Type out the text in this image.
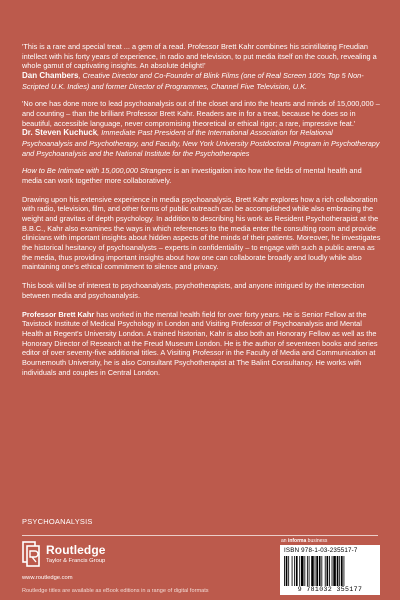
'This is a rare and special treat ... a gem of a read. Professor Brett Kahr combines his scintillating Freudian intellect with his forty years of experience, in radio and television, to put media itself on the couch, revealing a whole gamut of captivating insights. An absolute delight!'
Dan Chambers, Creative Director and Co-Founder of Blink Films (one of Real Screen 100's Top 5 Non-Scripted U.K. Indies) and former Director of Programmes, Channel Five Television, U.K.
'No one has done more to lead psychoanalysis out of the closet and into the hearts and minds of 15,000,000 – and counting – than the brilliant Professor Brett Kahr. Readers are in for a treat, because he does so in beautiful, accessible language, never compromising theoretical or ethical rigor; a rare, impressive feat.'
Dr. Steven Kuchuck, Immediate Past President of the International Association for Relational Psychoanalysis and Psychotherapy, and Faculty, New York University Postdoctoral Program in Psychotherapy and Psychoanalysis and the National Institute for the Psychotherapies

How to Be Intimate with 15,000,000 Strangers is an investigation into how the fields of mental health and media can work together more collaboratively.

Drawing upon his extensive experience in media psychoanalysis, Brett Kahr explores how a rich collaboration with radio, television, film, and other forms of public outreach can be accomplished while also embracing the weight and gravitas of depth psychology. In addition to describing his work as Resident Psychotherapist at the B.B.C., Kahr also examines the ways in which references to the media enter the consulting room and provide clinicians with important insights about hidden aspects of the minds of their patients. Moreover, he investigates the historical hesitancy of psychoanalysts – experts in confidentiality – to engage with such a public arena as the media, thus providing important insights about how one can collaborate broadly and loudly while also maintaining one's ethical commitment to silence and privacy.

This book will be of interest to psychoanalysts, psychotherapists, and anyone intrigued by the intersection between media and psychoanalysis.

Professor Brett Kahr has worked in the mental health field for over forty years. He is Senior Fellow at the Tavistock Institute of Medical Psychology in London and Visiting Professor of Psychoanalysis and Mental Health at Regent's University London. A trained historian, Kahr is also both an Honorary Fellow as well as the Honorary Director of Research at the Freud Museum London. He is the author of seventeen books and series editor of over seventy-five additional titles. A Visiting Professor in the Faculty of Media and Communication at Bournemouth University, he is also Consultant Psychotherapist at The Balint Consultancy. He works with individuals and couples in Central London.

PSYCHOANALYSIS
Routledge
Taylor & Francis Group
www.routledge.com
Routledge titles are available as eBook editions in a range of digital formats
an informa business
ISBN 978-1-03-235517-7
9 781032 355177
